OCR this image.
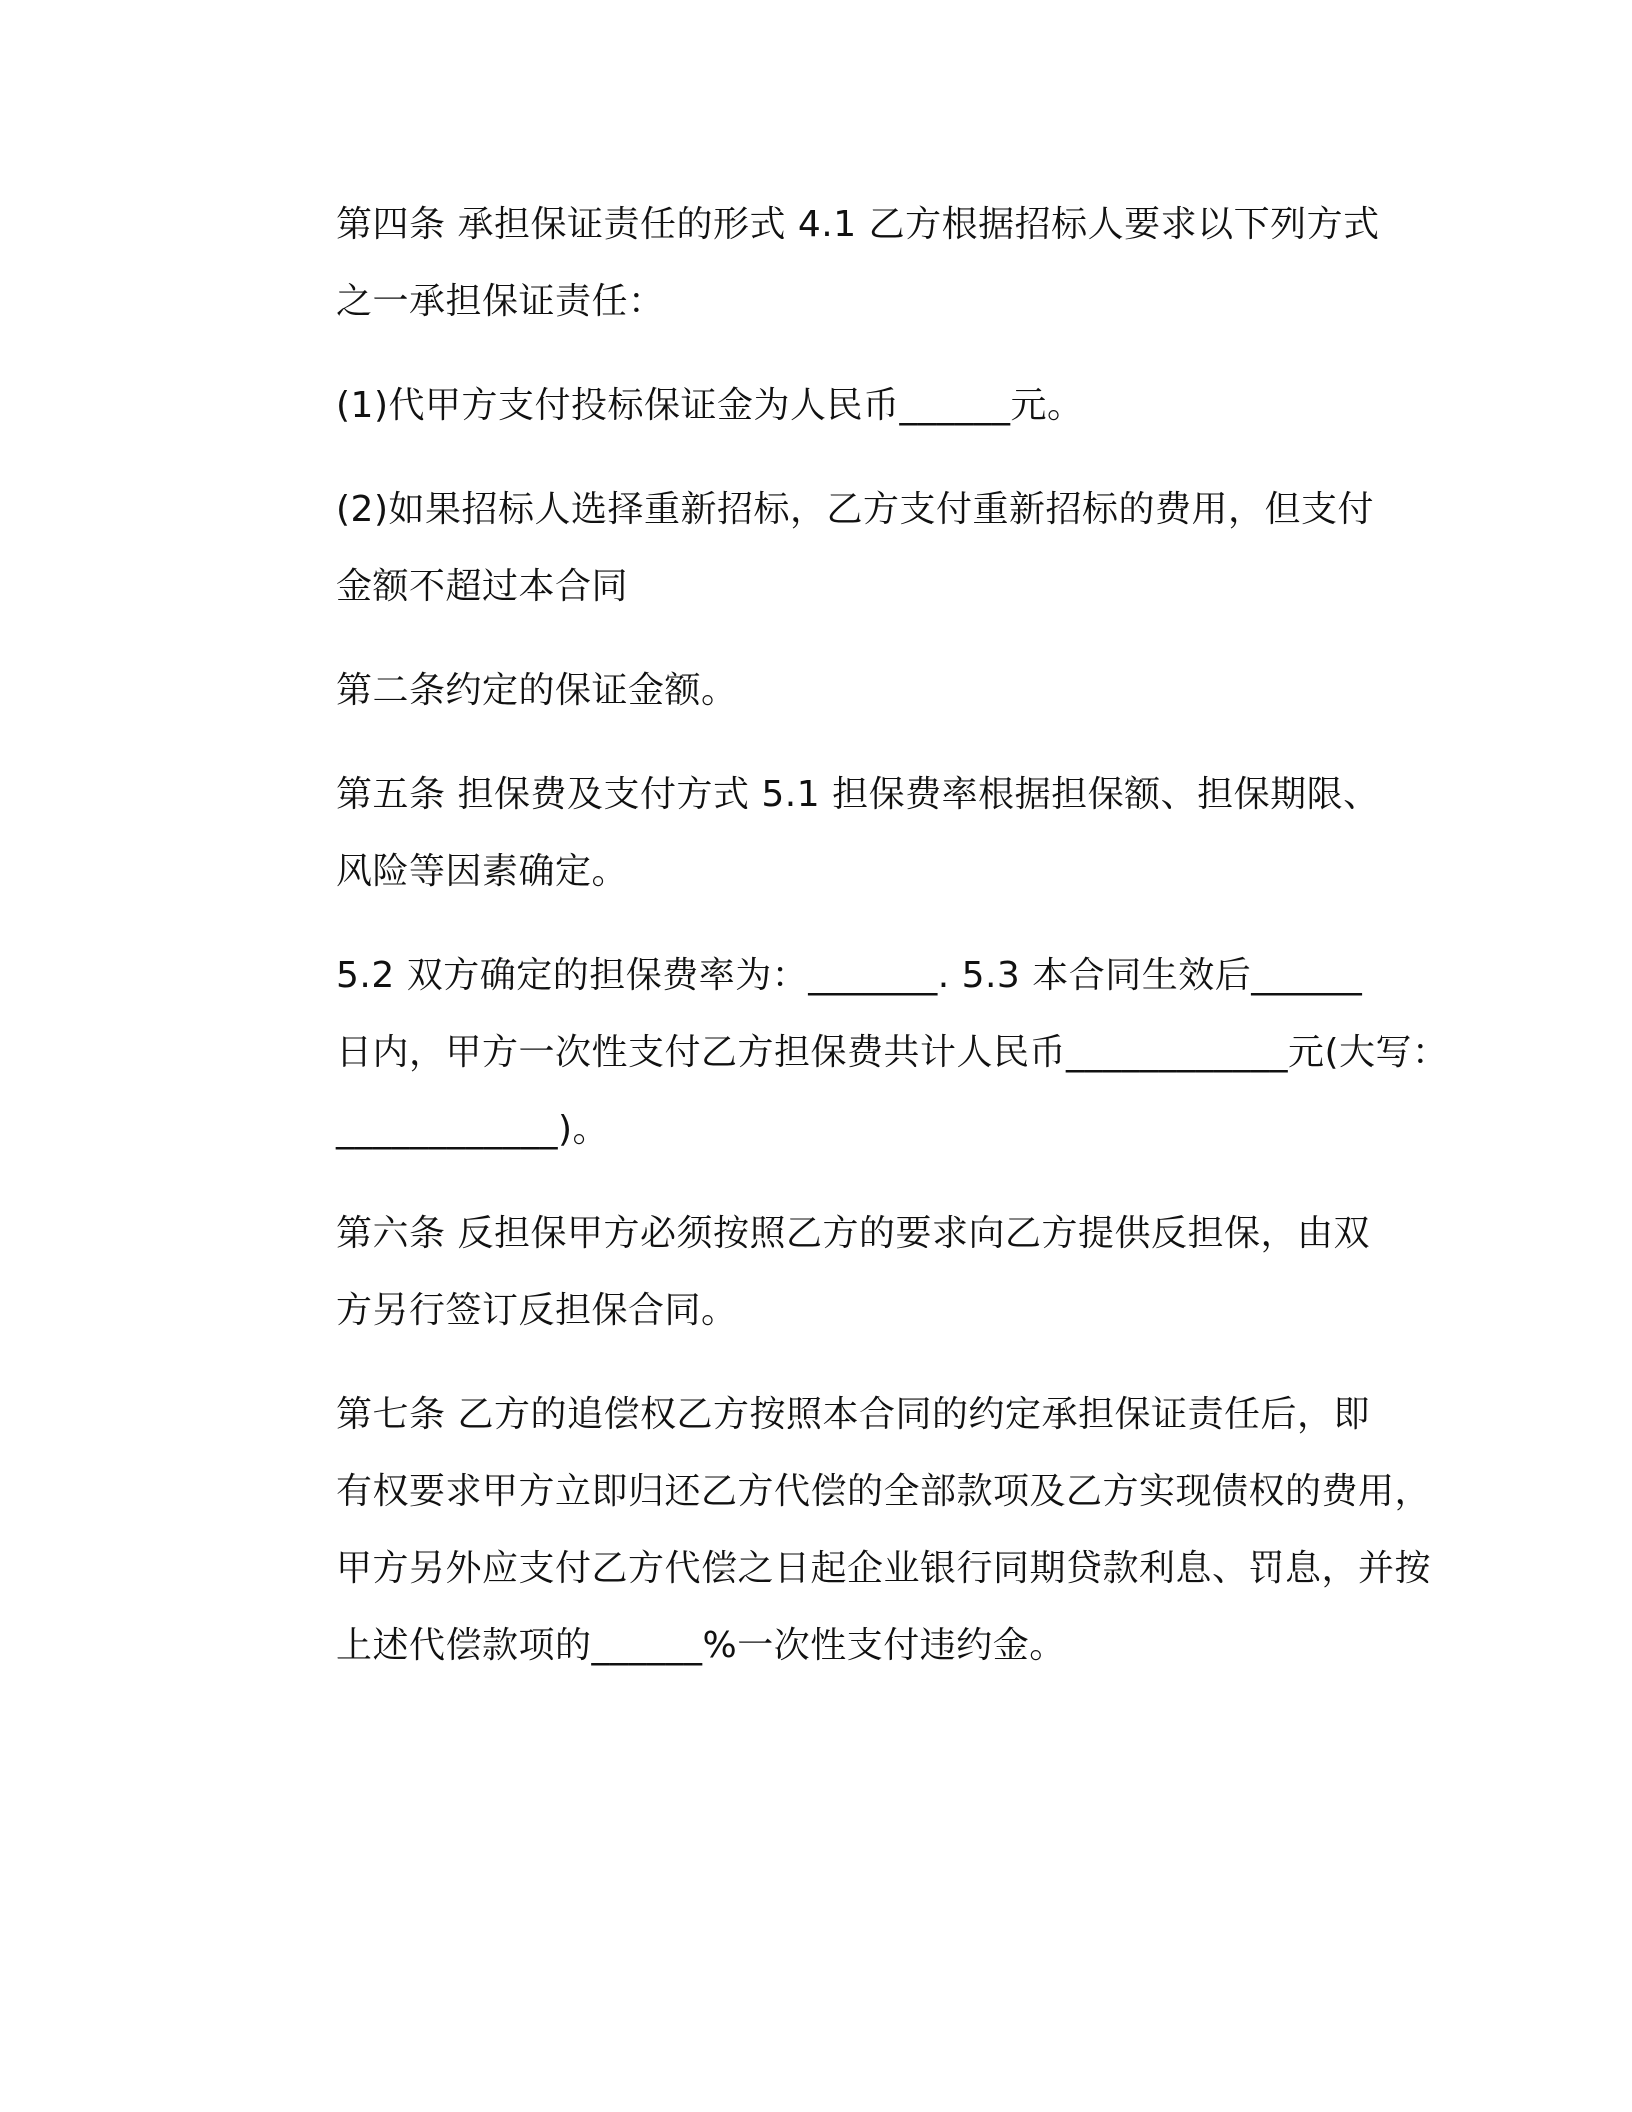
第四条 承担保证责任的形式 4.1 乙方根据招标人要求以下列方式
之一承担保证责任：
(1)代甲方支付投标保证金为人民币______元。
(2)如果招标人选择重新招标，乙方支付重新招标的费用，但支付
金额不超过本合同
第二条约定的保证金额。
第五条 担保费及支付方式 5.1 担保费率根据担保额、担保期限、
风险等因素确定。
5.2 双方确定的担保费率为：_______. 5.3 本合同生效后______
日内，甲方一次性支付乙方担保费共计人民币____________元(大写：
____________)。
第六条 反担保甲方必须按照乙方的要求向乙方提供反担保，由双
方另行签订反担保合同。
第七条 乙方的追偿权乙方按照本合同的约定承担保证责任后，即
有权要求甲方立即归还乙方代偿的全部款项及乙方实现债权的费用，
甲方另外应支付乙方代偿之日起企业银行同期贷款利息、罚息，并按
上述代偿款项的______%一次性支付违约金。
